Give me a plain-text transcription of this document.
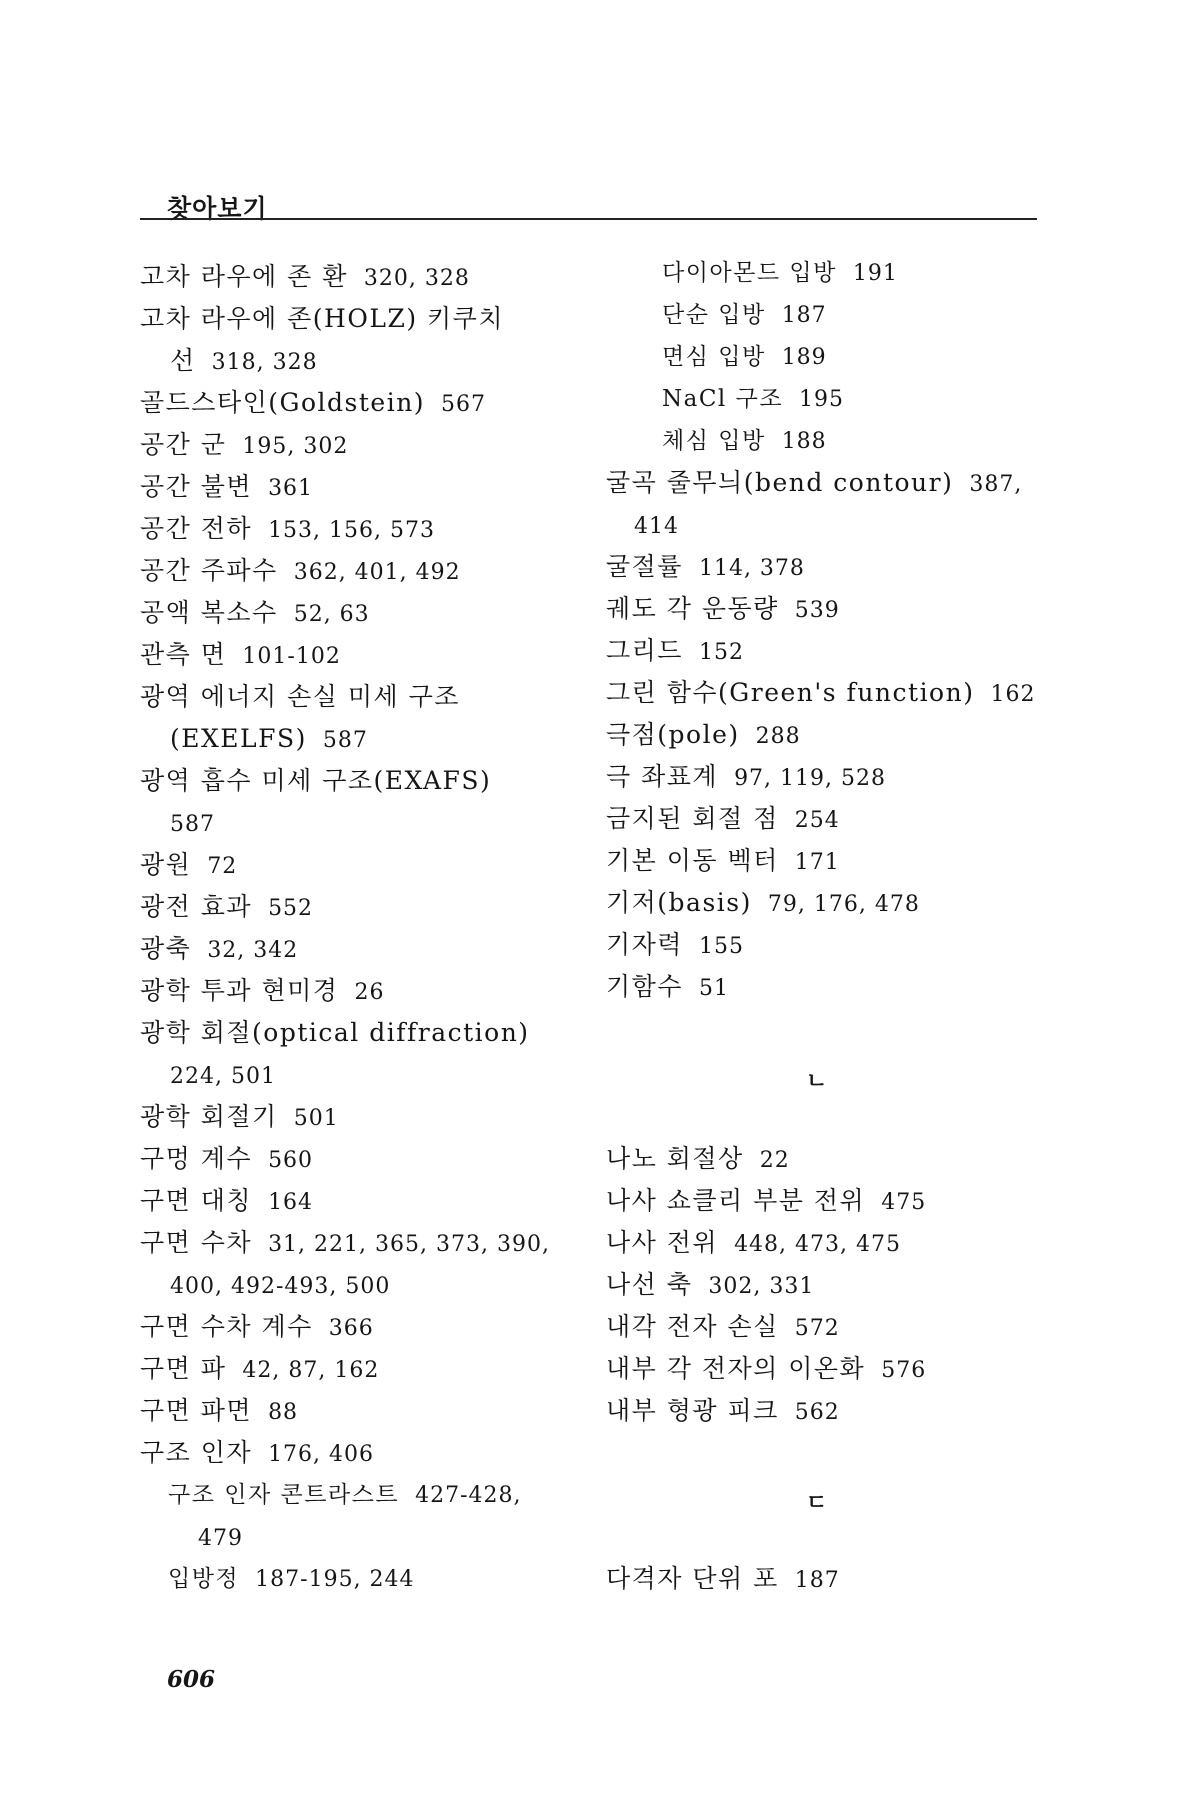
찾아보기
고차 라우에 존 환 320, 328
고차 라우에 존(HOLZ) 키쿠치
선 318, 328
골드스타인(Goldstein) 567
공간 군 195, 302
공간 불변 361
공간 전하 153, 156, 573
공간 주파수 362, 401, 492
공액 복소수 52, 63
관측 면 101-102
광역 에너지 손실 미세 구조
(EXELFS) 587
광역 흡수 미세 구조(EXAFS)
587
광원 72
광전 효과 552
광축 32, 342
광학 투과 현미경 26
광학 회절(optical diffraction)
224, 501
광학 회절기 501
구멍 계수 560
구면 대칭 164
구면 수차 31, 221, 365, 373, 390,
400, 492-493, 500
구면 수차 계수 366
구면 파 42, 87, 162
구면 파면 88
구조 인자 176, 406
구조 인자 콘트라스트 427-428,
479
입방정 187-195, 244
다이아몬드 입방 191
단순 입방 187
면심 입방 189
NaCl 구조 195
체심 입방 188
굴곡 줄무늬(bend contour) 387,
414
굴절률 114, 378
궤도 각 운동량 539
그리드 152
그린 함수(Green's function) 162
극점(pole) 288
극 좌표계 97, 119, 528
금지된 회절 점 254
기본 이동 벡터 171
기저(basis) 79, 176, 478
기자력 155
기함수 51
ㄴ
나노 회절상 22
나사 쇼클리 부분 전위 475
나사 전위 448, 473, 475
나선 축 302, 331
내각 전자 손실 572
내부 각 전자의 이온화 576
내부 형광 피크 562
ㄷ
다격자 단위 포 187
606
